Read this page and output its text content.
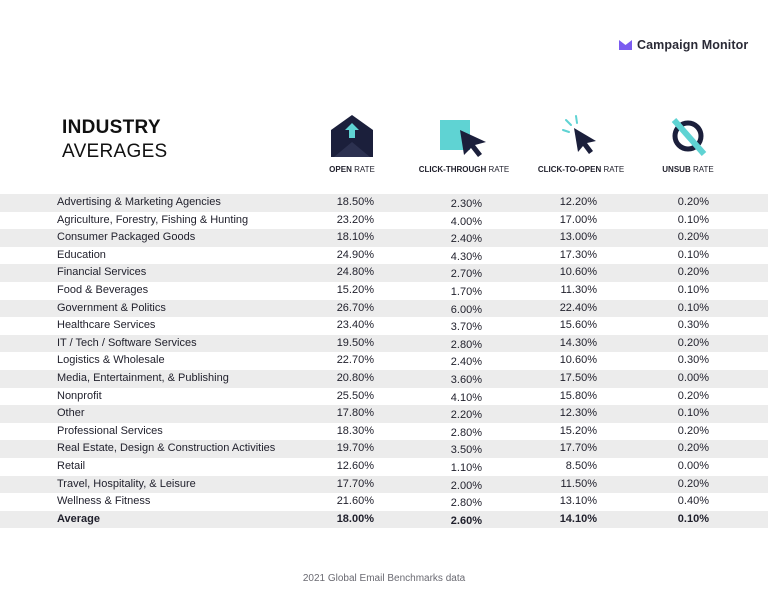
Campaign Monitor
INDUSTRY
AVERAGES
OPEN RATE	CLICK-THROUGH RATE	CLICK-TO-OPEN RATE	UNSUB RATE
Advertising & Marketing Agencies	18.50%	2.30%	12.20%	0.20%
Agriculture, Forestry, Fishing & Hunting	23.20%	4.00%	17.00%	0.10%
Consumer Packaged Goods	18.10%	2.40%	13.00%	0.20%
Education	24.90%	4.30%	17.30%	0.10%
Financial Services	24.80%	2.70%	10.60%	0.20%
Food & Beverages	15.20%	1.70%	11.30%	0.10%
Government & Politics	26.70%	6.00%	22.40%	0.10%
Healthcare Services	23.40%	3.70%	15.60%	0.30%
IT / Tech / Software Services	19.50%	2.80%	14.30%	0.20%
Logistics & Wholesale	22.70%	2.40%	10.60%	0.30%
Media, Entertainment, & Publishing	20.80%	3.60%	17.50%	0.00%
Nonprofit	25.50%	4.10%	15.80%	0.20%
Other	17.80%	2.20%	12.30%	0.10%
Professional Services	18.30%	2.80%	15.20%	0.20%
Real Estate, Design & Construction Activities	19.70%	3.50%	17.70%	0.20%
Retail	12.60%	1.10%	8.50%	0.00%
Travel, Hospitality, & Leisure	17.70%	2.00%	11.50%	0.20%
Wellness & Fitness	21.60%	2.80%	13.10%	0.40%
Average	18.00%	2.60%	14.10%	0.10%
2021 Global Email Benchmarks data
